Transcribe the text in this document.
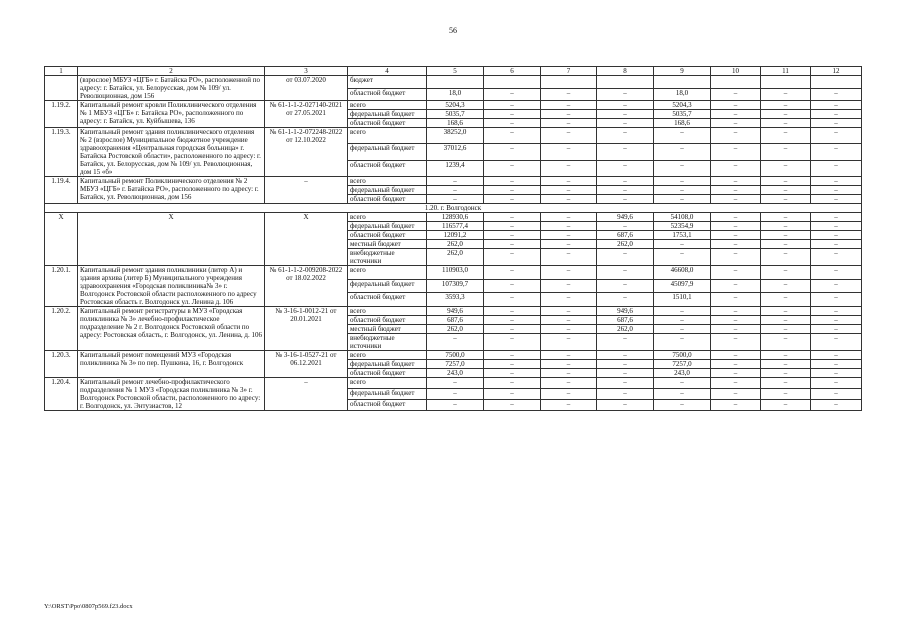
56
1	2	3	4	5	6	7	8	9	10	11	12
	(взрослое) МБУЗ «ЦГБ» г. Батайска РО», расположенной по адресу: г. Батайск, ул. Белорусская, дом № 109/ ул. Революционная, дом 156	от 03.07.2020	бюджет								
			областной бюджет	18,0	–	–	–	18,0	–	–	–
1.19.2.	Капитальный ремонт кровли Поликлинического отделения № 1 МБУЗ «ЦГБ» г. Батайска РО», расположенного по адресу: г. Батайск, ул. Куйбышева, 136	№ 61-1-1-2-027140-2021 от 27.05.2021	всего	5204,3	–	–	–	5204,3	–	–	–
			федеральный бюджет	5035,7	–	–	–	5035,7	–	–	–
			областной бюджет	168,6	–	–	–	168,6	–	–	–
1.19.3.	Капитальный ремонт здания поликлинического отделения № 2 (взрослое) Муниципальное бюджетное учреждение здравоохранения «Центральная городская больница» г. Батайска Ростовской области», расположенного по адресу: г. Батайск, ул. Белорусская, дом № 109/ ул. Революционная, дом 15 «б»	№ 61-1-1-2-072248-2022 от 12.10.2022	всего	38252,0	–	–	–	–	–	–	–
			федеральный бюджет	37012,6	–	–	–	–	–	–	–
			областной бюджет	1239,4	–	–	–	–	–	–	–
1.19.4.	Капитальный ремонт Поликлинического отделения № 2 МБУЗ «ЦГБ» г. Батайска РО», расположенного по адресу: г. Батайск, ул. Революционная, дом 156	–	всего	–	–	–	–	–	–	–	–
			федеральный бюджет	–	–	–	–	–	–	–	–
			областной бюджет	–	–	–	–	–	–	–	–
1.20. г. Волгодонск											
Х	Х	Х	всего	128930,6	–	–	949,6	54108,0	–	–	–
			федеральный бюджет	116577,4	–	–	–	52354,9	–	–	–
			областной бюджет	12091,2	–	–	687,6	1753,1	–	–	–
			местный бюджет	262,0	–	–	262,0	–	–	–	–
			внебюджетные источники	262,0	–	–	–	–	–	–	–
1.20.1.	Капитальный ремонт здания поликлиники (литер А) и здания архива (литер Б) Муниципального учреждения здравоохранения «Городская поликлиника№ 3» г. Волгодонск Ростовской области расположенного по адресу Ростовская область г. Волгодонск ул. Ленина д. 106	№ 61-1-1-2-009208-2022 от 18.02.2022	всего	110903,0	–	–	–	46608,0	–	–	–
			федеральный бюджет	107309,7	–	–	–	45097,9	–	–	–
			областной бюджет	3593,3	–	–	–	1510,1	–	–	–
1.20.2.	Капитальный ремонт регистратуры в МУЗ «Городская поликлиника № 3» лечебно-профилактическое подразделение № 2 г. Волгодонск Ростовской области по адресу: Ростовская область, г. Волгодонск, ул. Ленина, д. 106	№ 3-16-1-0012-21 от 20.01.2021	всего	949,6	–	–	949,6	–	–	–	–
			областной бюджет	687,6	–	–	687,6	–	–	–	–
			местный бюджет	262,0	–	–	262,0	–	–	–	–
			внебюджетные источники	–	–	–	–	–	–	–	–
1.20.3.	Капитальный ремонт помещений МУЗ «Городская поликлиника № 3» по пер. Пушкина, 16, г. Волгодонск	№ 3-16-1-0527-21 от 06.12.2021	всего	7500,0	–	–	–	7500,0	–	–	–
			федеральный бюджет	7257,0	–	–	–	7257,0	–	–	–
			областной бюджет	243,0	–	–	–	243,0	–	–	–
1.20.4.	Капитальный ремонт лечебно-профилактического подразделения № 1 МУЗ «Городская поликлиника № 3» г. Волгодонск Ростовской области, расположенного по адресу: г. Волгодонск, ул. Энтузиастов, 12	–	всего	–	–	–	–	–	–	–	–
			федеральный бюджет	–	–	–	–	–	–	–	–
			областной бюджет	–	–	–	–	–	–	–	–
Y:\ORST\Ppo\0807p569.f23.docx
